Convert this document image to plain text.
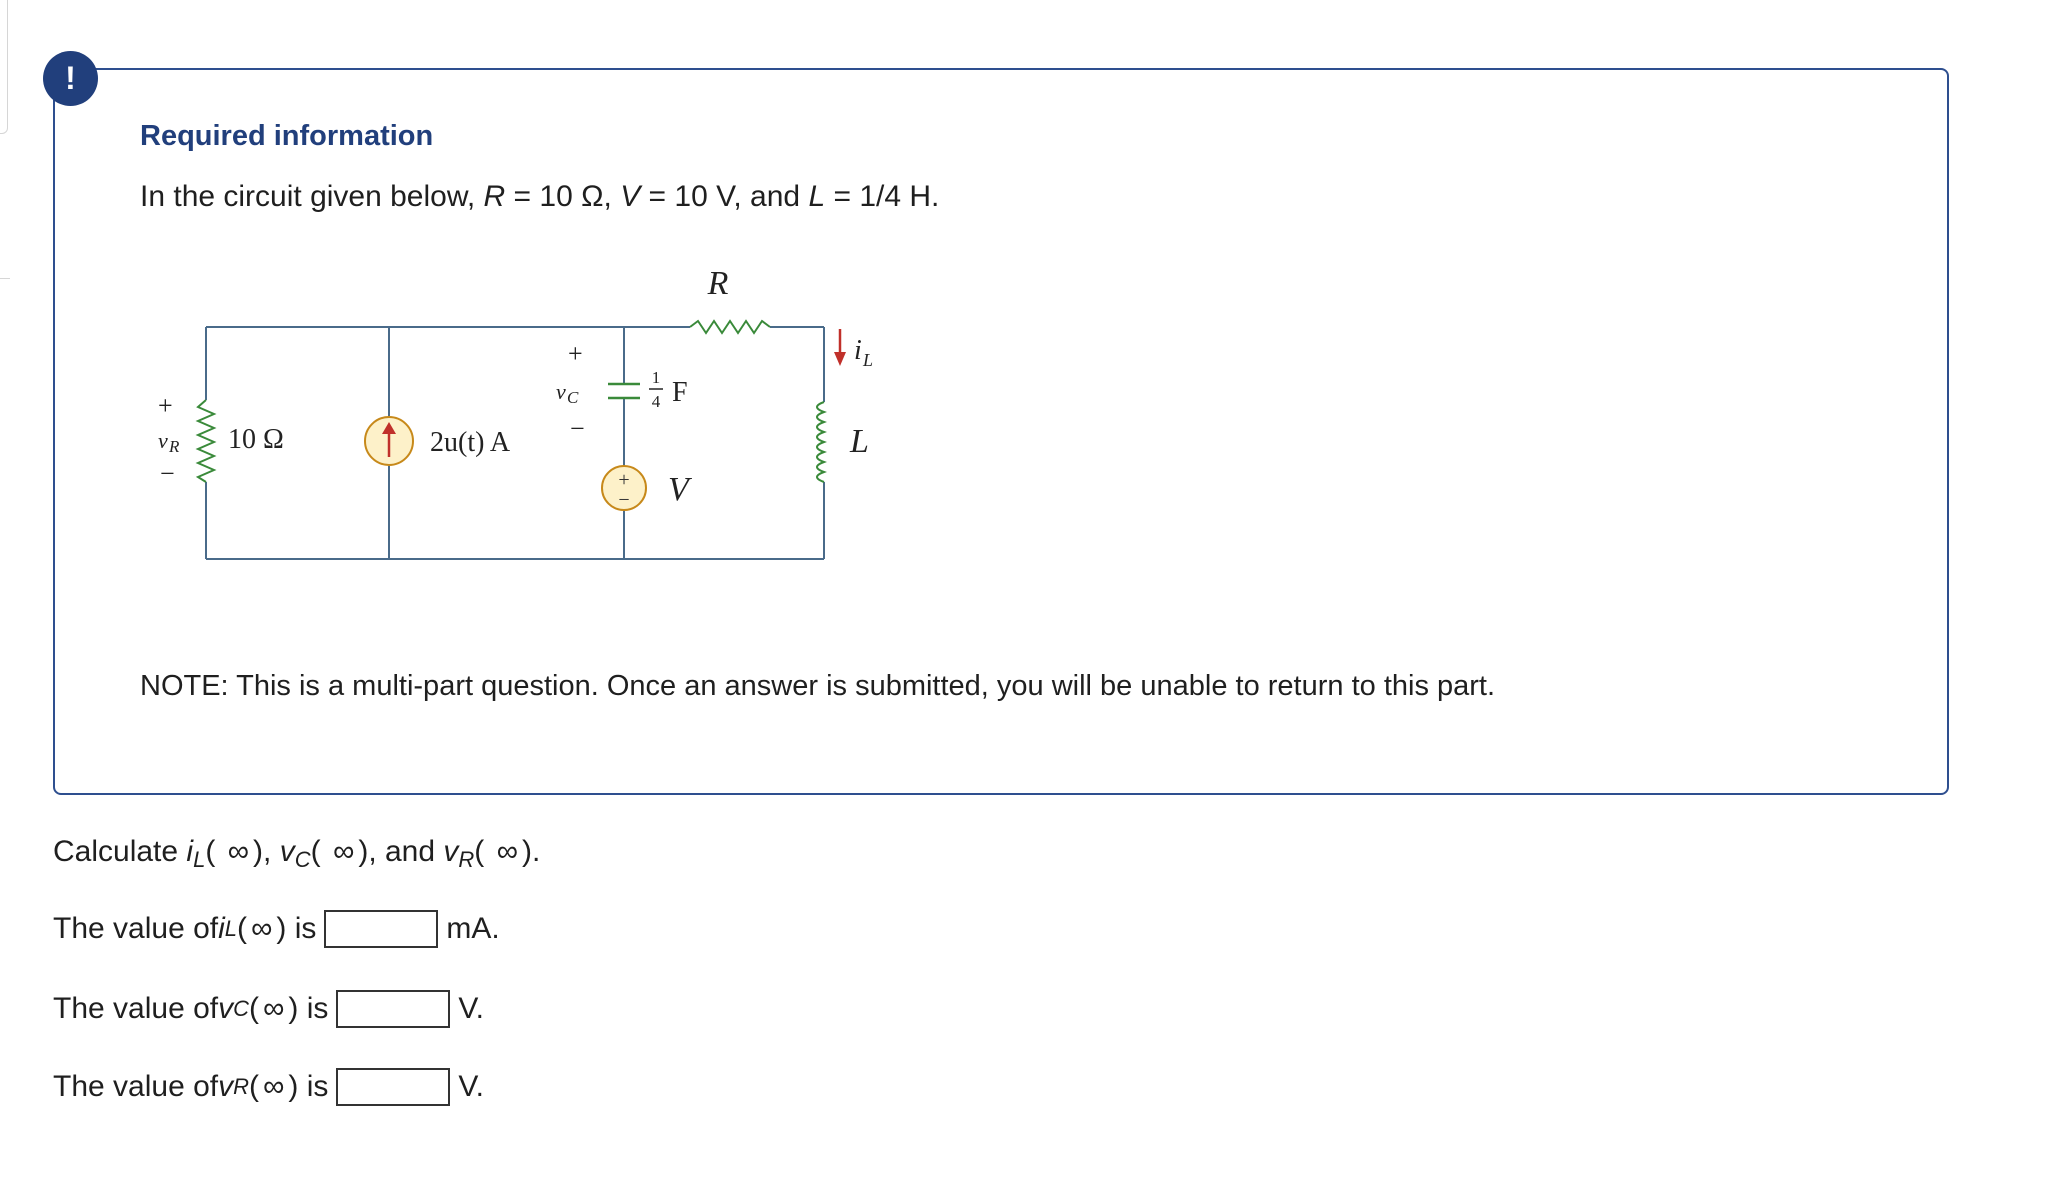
!
Required information
In the circuit given below, R = 10 Ω, V = 10 V, and L = 1/4 H.
+
−
R
10 Ω	2u(t) A
+
v R
−
+
v C
−
1
4 F
V
i L
L
NOTE: This is a multi-part question. Once an answer is submitted, you will be unable to return to this part.
Calculate $i_L$( ∞ ), $v_C$( ∞ ), and $v_R$( ∞ ).
The value of i L ( ∞ ) is	mA.
The value of v C ( ∞ ) is	V.
The value of v R ( ∞ ) is	V.
